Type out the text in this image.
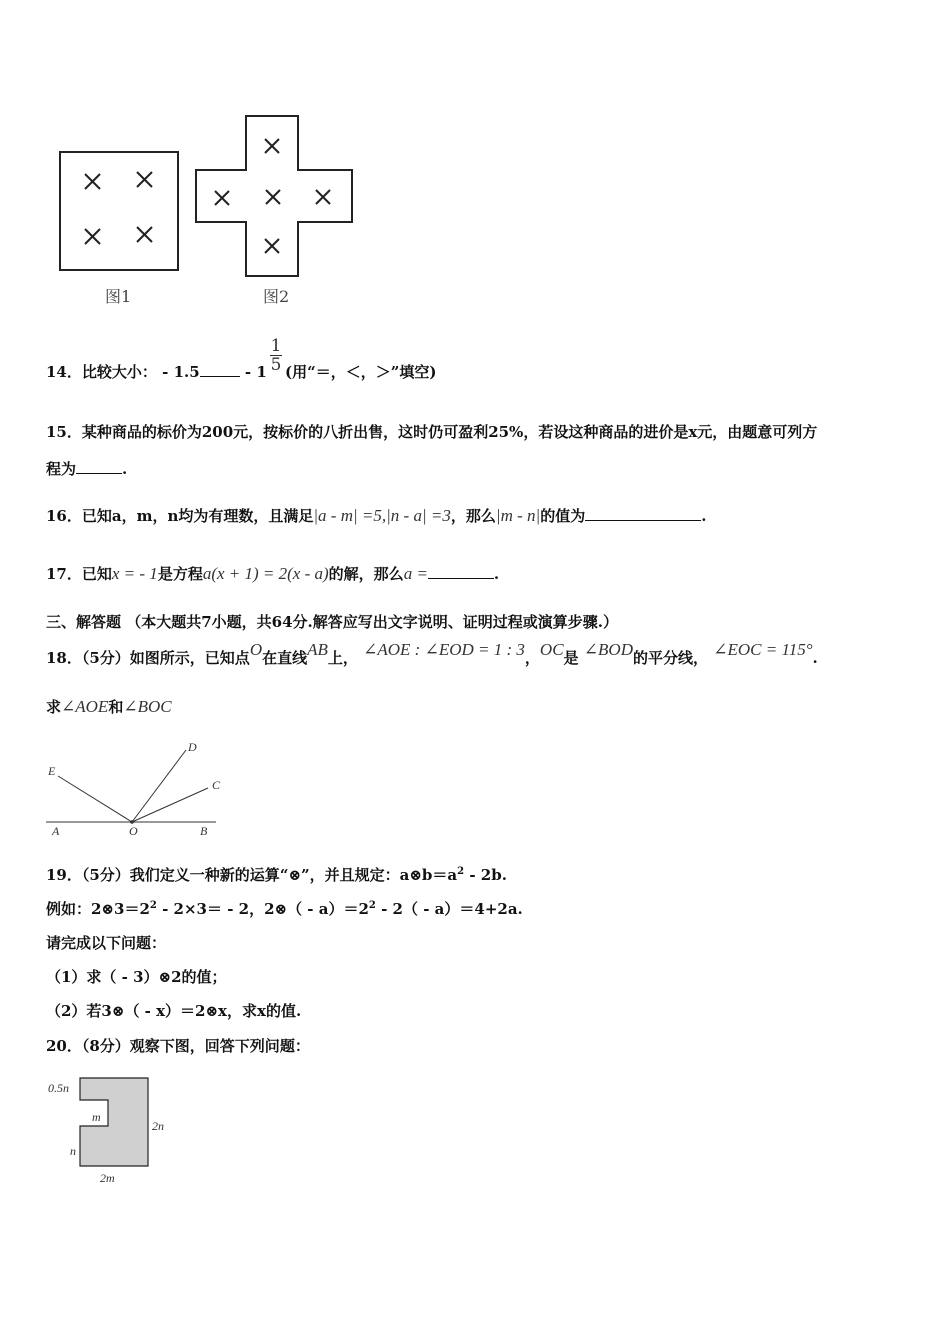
图1	图2
14．比较大小： - 1.5	- 1
1
5 (用“＝，＜，＞”填空)
15．某种商品的标价为200元，按标价的八折出售，这时仍可盈利25%，若设这种商品的进价是x元，由题意可列方
程为	.
16．已知a，m，n均为有理数，且满足|a - m| =5,|n - a| =3，那么|m - n|的值为	.
17．已知x = - 1是方程a(x + 1) = 2(x - a)的解，那么a =	.
三、解答题 （本大题共7小题，共64分.解答应写出文字说明、证明过程或演算步骤.）
18．（5分）如图所示，已知点O在直线AB上， ∠AOE : ∠EOD = 1 : 3，OC是 ∠BOD的平分线， ∠EOC = 115°.
求∠AOE和∠BOC
E
D
C
A	O	B
19．（5分）我们定义一种新的运算“⊗”，并且规定：$a\otimes b=a^2 - 2b$.
例如：$2\otimes 3=2^2 - 2\times 3= - 2$，2⊗（ - $a)=2^2 - 2( - a)=4+2a$.
请完成以下问题：
（1）求（ - 3）⊗2的值；
（2）若3⊗（ - x）＝2⊗x，求x的值.
20．（8分）观察下图，回答下列问题：
0.5n
m
2n
n
2m
